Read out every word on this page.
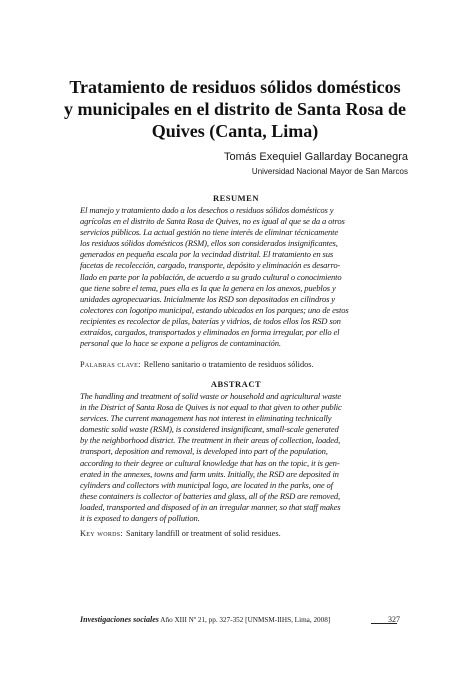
Tratamiento de residuos sólidos domésticos
y municipales en el distrito de Santa Rosa de
Quives (Canta, Lima)
Tomás Exequiel Gallarday Bocanegra
Universidad Nacional Mayor de San Marcos
RESUMEN
El manejo y tratamiento dado a los desechos o residuos sólidos domésticos y
agrícolas en el distrito de Santa Rosa de Quives, no es igual al que se da a otros
servicios públicos. La actual gestión no tiene interés de eliminar técnicamente
los residuos sólidos domésticos (RSM), ellos son considerados insignificantes,
generados en pequeña escala por la vecindad distrital. El tratamiento en sus
facetas de recolección, cargado, transporte, depósito y eliminación es desarro-
llado en parte por la población, de acuerdo a su grado cultural o conocimiento
que tiene sobre el tema, pues ella es la que la genera en los anexos, pueblos y
unidades agropecuarias. Inicialmente los RSD son depositados en cilindros y
colectores con logotipo municipal, estando ubicados en los parques; uno de estos
recipientes es recolector de pilas, baterías y vidrios, de todos ellos los RSD son
extraídos, cargados, transportados y eliminados en forma irregular, por ello el
personal que lo hace se expone a peligros de contaminación.
Palabras clave: Relleno sanitario o tratamiento de residuos sólidos.
ABSTRACT
The handling and treatment of solid waste or household and agricultural waste
in the District of Santa Rosa de Quives is not equal to that given to other public
services. The current management has not interest in eliminating technically
domestic solid waste (RSM), is considered insignificant, small-scale generated
by the neighborhood district. The treatment in their areas of collection, loaded,
transport, deposition and removal, is developed into part of the population,
according to their degree or cultural knowledge that has on the topic, it is gen-
erated in the annexes, towns and farm units. Initially, the RSD are deposited in
cylinders and collectors with municipal logo, are located in the parks, one of
these containers is collector of batteries and glass, all of the RSD are removed,
loaded, transported and disposed of in an irregular manner, so that staff makes
it is exposed to dangers of pollution.
Key words: Sanitary landfill or treatment of solid residues.
Investigaciones sociales Año XIII Nº 21, pp. 327-352 [UNMSM-IIHS, Lima, 2008]	327
